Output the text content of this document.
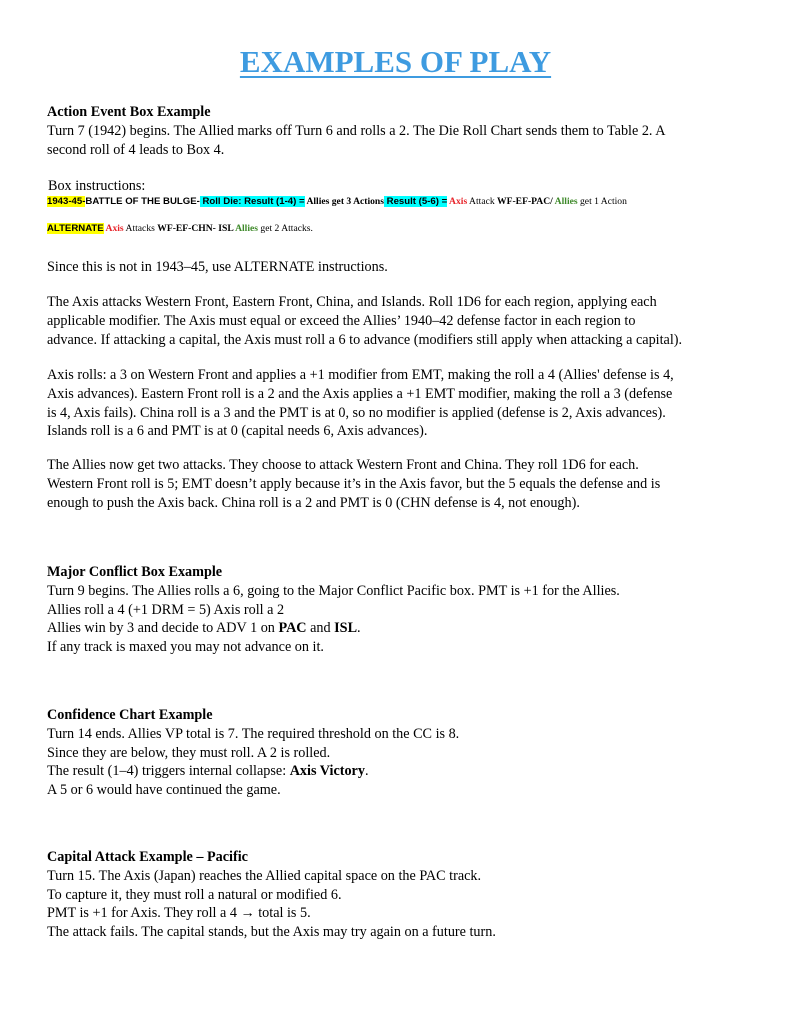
EXAMPLES OF PLAY

Action Event Box Example

Turn 7 (1942) begins. The Allied marks off Turn 6 and rolls a 2. The Die Roll Chart sends them to Table 2. A

second roll of 4 leads to Box 4.

Box instructions:
1943-45-BATTLE OF THE BULGE- Roll Die: Result (1-4) = Allies get 3 Actions Result (5-6) = Axis Attack WF-EF-PAC/ Allies get 1 Action
ALTERNATE Axis Attacks WF-EF-CHN- ISL Allies get 2 Attacks.
Since this is not in 1943–45, use ALTERNATE instructions.

The Axis attacks Western Front, Eastern Front, China, and Islands. Roll 1D6 for each region, applying each

applicable modifier. The Axis must equal or exceed the Allies’ 1940–42 defense factor in each region to

advance. If attacking a capital, the Axis must roll a 6 to advance (modifiers still apply when attacking a capital).

Axis rolls: a 3 on Western Front and applies a +1 modifier from EMT, making the roll a 4 (Allies' defense is 4,

Axis advances). Eastern Front roll is a 2 and the Axis applies a +1 EMT modifier, making the roll a 3 (defense

is 4, Axis fails). China roll is a 3 and the PMT is at 0, so no modifier is applied (defense is 2, Axis advances).

Islands roll is a 6 and PMT is at 0 (capital needs 6, Axis advances).

The Allies now get two attacks. They choose to attack Western Front and China. They roll 1D6 for each.

Western Front roll is 5; EMT doesn’t apply because it’s in the Axis favor, but the 5 equals the defense and is

enough to push the Axis back. China roll is a 2 and PMT is 0 (CHN defense is 4, not enough).

Major Conflict Box Example

Turn 9 begins. The Allies rolls a 6, going to the Major Conflict Pacific box. PMT is +1 for the Allies.

Allies roll a 4 (+1 DRM = 5) Axis roll a 2

Allies win by 3 and decide to ADV 1 on PAC and ISL.

If any track is maxed you may not advance on it.

Confidence Chart Example

Turn 14 ends. Allies VP total is 7. The required threshold on the CC is 8.

Since they are below, they must roll. A 2 is rolled.

The result (1–4) triggers internal collapse: Axis Victory.

A 5 or 6 would have continued the game.

Capital Attack Example – Pacific

Turn 15. The Axis (Japan) reaches the Allied capital space on the PAC track.

To capture it, they must roll a natural or modified 6.

PMT is +1 for Axis. They roll a 4 → total is 5.

The attack fails. The capital stands, but the Axis may try again on a future turn.
